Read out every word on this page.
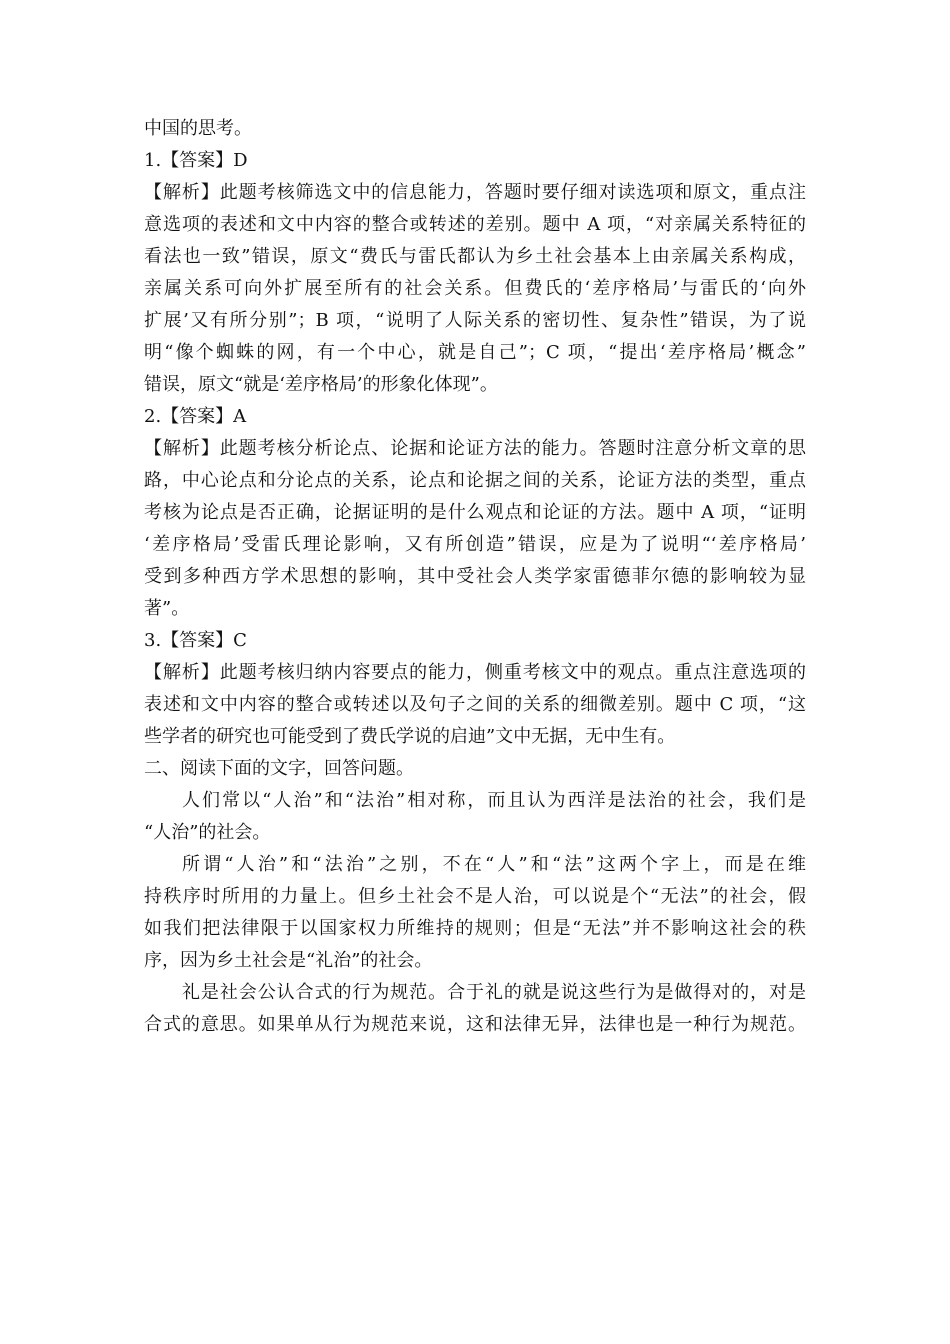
中国的思考。
1.【答案】D
【解析】此题考核筛选文中的信息能力，答题时要仔细对读选项和原文，重点注
意选项的表述和文中内容的整合或转述的差别。题中 A 项，“对亲属关系特征的
看法也一致”错误，原文“费氏与雷氏都认为乡土社会基本上由亲属关系构成，
亲属关系可向外扩展至所有的社会关系。但费氏的‘差序格局’与雷氏的‘向外
扩展’又有所分别”；B 项，“说明了人际关系的密切性、复杂性”错误，为了说
明“像个蜘蛛的网，有一个中心，就是自己”；C 项，“提出‘差序格局’概念”
错误，原文“就是‘差序格局’的形象化体现”。
2.【答案】A
【解析】此题考核分析论点、论据和论证方法的能力。答题时注意分析文章的思
路，中心论点和分论点的关系，论点和论据之间的关系，论证方法的类型，重点
考核为论点是否正确，论据证明的是什么观点和论证的方法。题中 A 项，“证明
‘差序格局’受雷氏理论影响，又有所创造”错误，应是为了说明“‘差序格局’
受到多种西方学术思想的影响，其中受社会人类学家雷德菲尔德的影响较为显
著”。
3.【答案】C
【解析】此题考核归纳内容要点的能力，侧重考核文中的观点。重点注意选项的
表述和文中内容的整合或转述以及句子之间的关系的细微差别。题中 C 项，“这
些学者的研究也可能受到了费氏学说的启迪”文中无据，无中生有。
二、阅读下面的文字，回答问题。
人们常以“人治”和“法治”相对称，而且认为西洋是法治的社会，我们是
“人治”的社会。
所谓“人治”和“法治”之别，不在“人”和“法”这两个字上，而是在维
持秩序时所用的力量上。但乡土社会不是人治，可以说是个“无法”的社会，假
如我们把法律限于以国家权力所维持的规则；但是“无法”并不影响这社会的秩
序，因为乡土社会是“礼治”的社会。
礼是社会公认合式的行为规范。合于礼的就是说这些行为是做得对的，对是
合式的意思。如果单从行为规范来说，这和法律无异，法律也是一种行为规范。
